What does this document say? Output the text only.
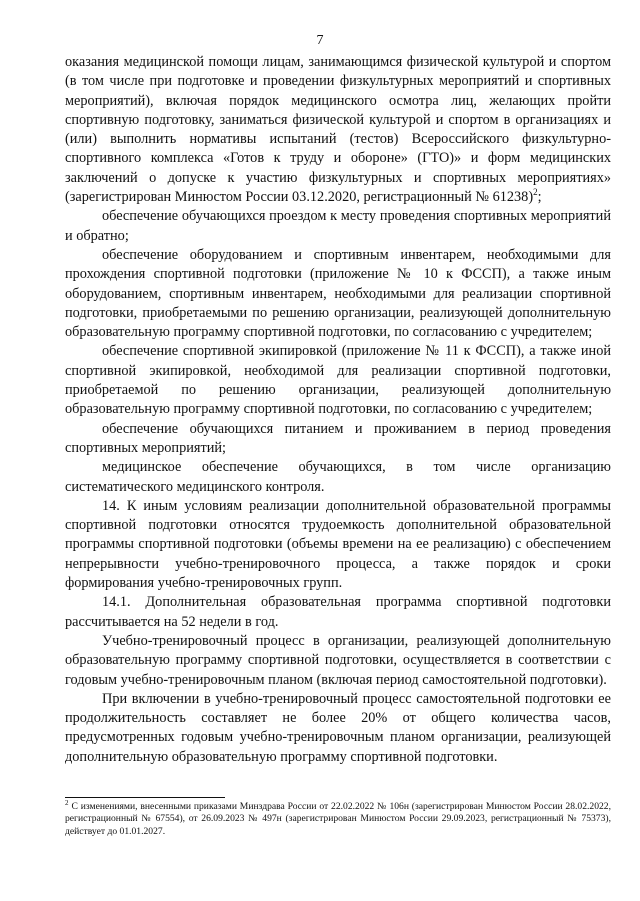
7

оказания медицинской помощи лицам, занимающимся физической культурой и спортом (в том числе при подготовке и проведении физкультурных мероприятий и спортивных мероприятий), включая порядок медицинского осмотра лиц, желающих пройти спортивную подготовку, заниматься физической культурой и спортом в организациях и (или) выполнить нормативы испытаний (тестов) Всероссийского физкультурно-спортивного комплекса «Готов к труду и обороне» (ГТО)» и форм медицинских заключений о допуске к участию физкультурных и спортивных мероприятиях» (зарегистрирован Минюстом России 03.12.2020, регистрационный № 61238)$^2$;

обеспечение обучающихся проездом к месту проведения спортивных мероприятий и обратно;

обеспечение оборудованием и спортивным инвентарем, необходимыми для прохождения спортивной подготовки (приложение № 10 к ФССП), а также иным оборудованием, спортивным инвентарем, необходимыми для реализации спортивной подготовки, приобретаемыми по решению организации, реализующей дополнительную образовательную программу спортивной подготовки, по согласованию с учредителем;

обеспечение спортивной экипировкой (приложение № 11 к ФССП), а также иной спортивной экипировкой, необходимой для реализации спортивной подготовки, приобретаемой по решению организации, реализующей дополнительную образовательную программу спортивной подготовки, по согласованию с учредителем;

обеспечение обучающихся питанием и проживанием в период проведения спортивных мероприятий;

медицинское обеспечение обучающихся, в том числе организацию систематического медицинского контроля.

14. К иным условиям реализации дополнительной образовательной программы спортивной подготовки относятся трудоемкость дополнительной образовательной программы спортивной подготовки (объемы времени на ее реализацию) с обеспечением непрерывности учебно-тренировочного процесса, а также порядок и сроки формирования учебно-тренировочных групп.

14.1. Дополнительная образовательная программа спортивной подготовки рассчитывается на 52 недели в год.

Учебно-тренировочный процесс в организации, реализующей дополнительную образовательную программу спортивной подготовки, осуществляется в соответствии с годовым учебно-тренировочным планом (включая период самостоятельной подготовки).

При включении в учебно-тренировочный процесс самостоятельной подготовки ее продолжительность составляет не более 20% от общего количества часов, предусмотренных годовым учебно-тренировочным планом организации, реализующей дополнительную образовательную программу спортивной подготовки.

$^2$ С изменениями, внесенными приказами Минздрава России от 22.02.2022 № 106н (зарегистрирован Минюстом России 28.02.2022, регистрационный № 67554), от 26.09.2023 № 497н (зарегистрирован Минюстом России 29.09.2023, регистрационный № 75373), действует до 01.01.2027.
